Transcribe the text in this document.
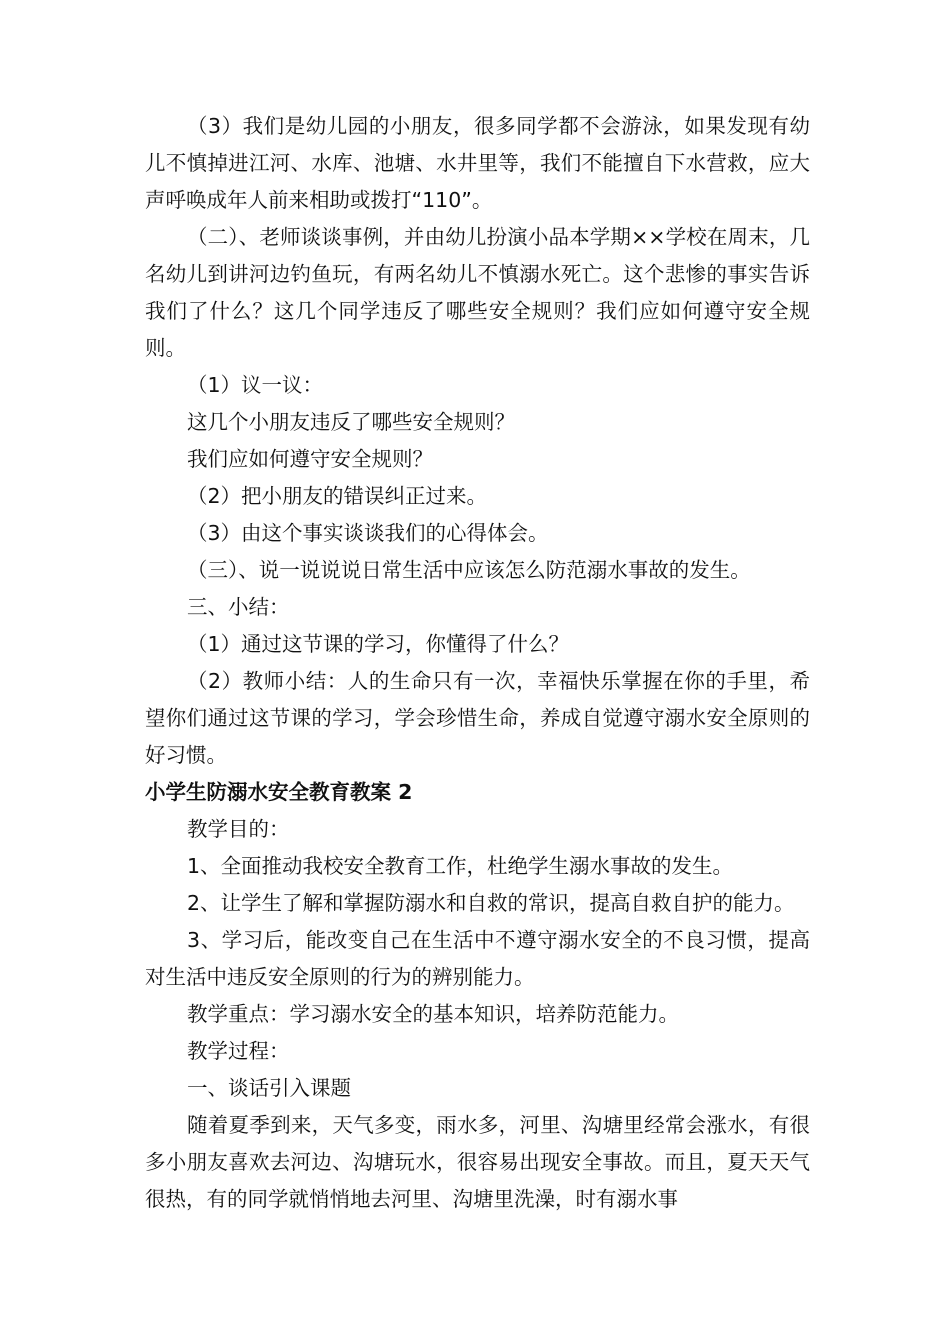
（3）我们是幼儿园的小朋友，很多同学都不会游泳，如果发现有幼儿不慎掉进江河、水库、池塘、水井里等，我们不能擅自下水营救，应大声呼唤成年人前来相助或拨打“110”。

（二）、老师谈谈事例，并由幼儿扮演小品本学期××学校在周末，几名幼儿到讲河边钓鱼玩，有两名幼儿不慎溺水死亡。这个悲惨的事实告诉我们了什么？这几个同学违反了哪些安全规则？我们应如何遵守安全规则。

（1）议一议：

这几个小朋友违反了哪些安全规则？

我们应如何遵守安全规则？

（2）把小朋友的错误纠正过来。

（3）由这个事实谈谈我们的心得体会。

（三）、说一说说说日常生活中应该怎么防范溺水事故的发生。

三、小结：

（1）通过这节课的学习，你懂得了什么？

（2）教师小结：人的生命只有一次，幸福快乐掌握在你的手里，希望你们通过这节课的学习，学会珍惜生命，养成自觉遵守溺水安全原则的好习惯。

小学生防溺水安全教育教案 2

教学目的：

1、全面推动我校安全教育工作，杜绝学生溺水事故的发生。

2、让学生了解和掌握防溺水和自救的常识，提高自救自护的能力。

3、学习后，能改变自己在生活中不遵守溺水安全的不良习惯，提高对生活中违反安全原则的行为的辨别能力。

教学重点：学习溺水安全的基本知识，培养防范能力。

教学过程：

一、谈话引入课题

随着夏季到来，天气多变，雨水多，河里、沟塘里经常会涨水，有很多小朋友喜欢去河边、沟塘玩水，很容易出现安全事故。而且，夏天天气很热，有的同学就悄悄地去河里、沟塘里洗澡，时有溺水事
